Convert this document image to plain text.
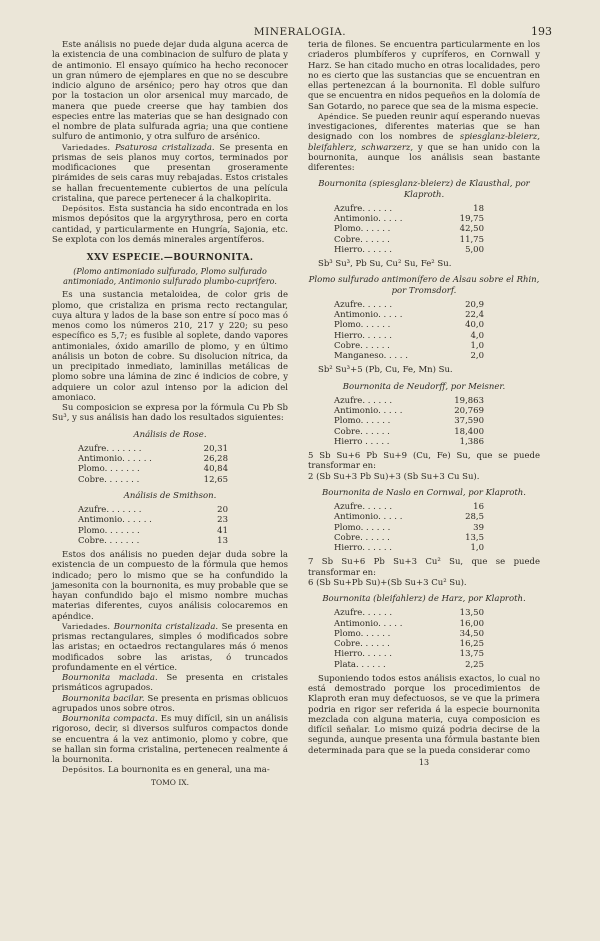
MINERALOGIA.	193

Este análisis no puede dejar duda alguna acerca de la existencia de una combinacion de sulfuro de plata y de antimonio. El ensayo químico ha hecho reconocer un gran número de ejemplares en que no se descubre indicio alguno de arsénico; pero hay otros que dan por la tostacion un olor arsenical muy marcado, de manera que puede creerse que hay tambien dos especies entre las materias que se han designado con el nombre de plata sulfurada agria; una que contiene sulfuro de antimonio, y otra sulfuro de arsénico.

Variedades. Psaturosa cristalizada. Se presenta en prismas de seis planos muy cortos, terminados por modificaciones que presentan groseramente pirámides de seis caras muy rebajadas. Estos cristales se hallan frecuentemente cubiertos de una película cristalina, que parece pertenecer á la chalkopirita.

Depósitos. Esta sustancia ha sido encontrada en los mismos depósitos que la argyrythrosa, pero en corta cantidad, y particularmente en Hungría, Sajonia, etc. Se explota con los demás minerales argentíferos.

XXV ESPECIE.—BOURNONITA.
(Plomo antimoniado sulfurado, Plomo sulfurado antimoniado, Antimonio sulfurado plumbo-cuprifero.

Es una sustancia metaloidea, de color gris de plomo, que cristaliza en prisma recto rectangular, cuya altura y lados de la base son entre sí poco mas ó menos como los números 210, 217 y 220; su peso específico es 5,7; es fusible al soplete, dando vapores antimoniales, óxido amarillo de plomo, y en último análisis un boton de cobre. Su disolucion nítrica, da un precipitado inmediato, laminillas metálicas de plomo sobre una lámina de zinc é indicios de cobre, y adquiere un color azul intenso por la adicion del amoniaco.

Su composicion se expresa por la fórmula Cu Pb Sb Su³, y sus análisis han dado los resultados siguientes:

Análisis de Rose.
Azufre. . . . . . .	20,31
Antimonio. . . . . .	26,28
Plomo. . . . . . .	40,84
Cobre. . . . . . .	12,65
Análisis de Smithson.
Azufre. . . . . . .	20
Antimonio. . . . . .	23
Plomo. . . . . . .	41
Cobre. . . . . . .	13

Estos dos análisis no pueden dejar duda sobre la existencia de un compuesto de la fórmula que hemos indicado; pero lo mismo que se ha confundido la jamesonita con la bournonita, es muy probable que se hayan confundido bajo el mismo nombre muchas materias diferentes, cuyos análisis colocaremos en apéndice.

Variedades. Bournonita cristalizada. Se presenta en prismas rectangulares, simples ó modificados sobre las aristas; en octaedros rectangulares más ó menos modificados sobre las aristas, ó truncados profundamente en el vértice.

Bournonita maclada. Se presenta en cristales prismáticos agrupados.

Bournonita bacilar. Se presenta en prismas oblicuos agrupados unos sobre otros.

Bournonita compacta. Es muy difícil, sin un análisis rigoroso, decir, si diversos sulfuros compactos donde se encuentra á la vez antimonio, plomo y cobre, que se hallan sin forma cristalina, pertenecen realmente á la bournonita.

Depósitos. La bournonita es en general, una ma-

TOMO IX.

teria de filones. Se encuentra particularmente en los criaderos plumbíferos y cupríferos, en Cornwall y Harz. Se han citado mucho en otras localidades, pero no es cierto que las sustancias que se encuentran en ellas pertenezcan á la bournonita. El doble sulfuro que se encuentra en nidos pequeños en la dolomía de San Gotardo, no parece que sea de la misma especie.

Apéndice. Se pueden reunir aquí esperando nuevas investigaciones, diferentes materias que se han designado con los nombres de spiesglanz-bleierz, bleifahlerz, schwarzerz, y que se han unido con la bournonita, aunque los análisis sean bastante diferentes:

Bournonita (spiesglanz-bleierz) de Klausthal, por Klaproth.
Azufre. . . . . .	18
Antimonio. . . . .	19,75
Plomo. . . . . .	42,50
Cobre. . . . . .	11,75
Hierro. . . . . .	5,00

Sb³ Su³, Pb Su, Cu² Su, Fe² Su.

Plomo sulfurado antimonífero de Alsau sobre el Rhin, por Tromsdorf.
Azufre. . . . . .	20,9
Antimonio. . . . .	22,4
Plomo. . . . . .	40,0
Hierro. . . . . .	4,0
Cobre. . . . . .	1,0
Manganeso. . . . .	2,0

Sb² Su³+5 (Pb, Cu, Fe, Mn) Su.

Bournonita de Neudorff, por Meisner.
Azufre. . . . . .	19,863
Antimonio. . . . .	20,769
Plomo. . . . . .	37,590
Cobre. . . . . .	18,400
Hierro . . . . .	1,386

5 Sb Su+6 Pb Su+9 (Cu, Fe) Su, que se puede transformar en:

2 (Sb Su+3 Pb Su)+3 (Sb Su+3 Cu Su).

Bournonita de Naslo en Cornwal, por Klaproth.
Azufre. . . . . .	16
Antimonio. . . . .	28,5
Plomo. . . . . .	39
Cobre. . . . . .	13,5
Hierro. . . . . .	1,0

7 Sb Su+6 Pb Su+3 Cu² Su, que se puede transformar en:

6 (Sb Su+Pb Su)+(Sb Su+3 Cu² Su).

Bournonita (bleifahlerz) de Harz, por Klaproth.
Azufre. . . . . .	13,50
Antimonio. . . . .	16,00
Plomo. . . . . .	34,50
Cobre. . . . . .	16,25
Hierro. . . . . .	13,75
Plata. . . . . .	2,25

Suponiendo todos estos análisis exactos, lo cual no está demostrado porque los procedimientos de Klaproth eran muy defectuosos, se ve que la primera podria en rigor ser referida á la especie bournonita mezclada con alguna materia, cuya composicion es difícil señalar. Lo mismo quizá podria decirse de la segunda, aunque presenta una fórmula bastante bien determinada para que se la pueda considerar como

13
